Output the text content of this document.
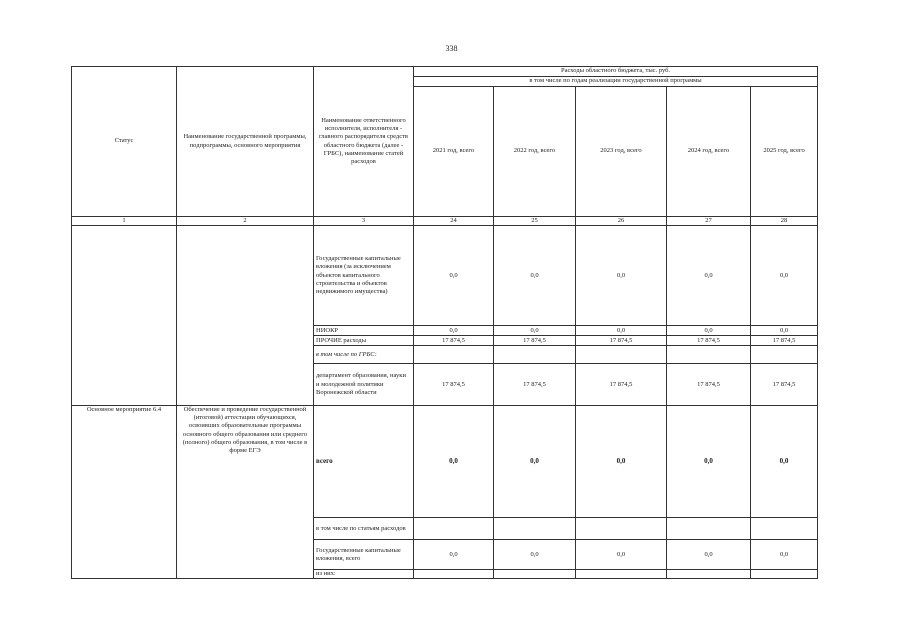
338
Статус	Наименование государственной программы, подпрограммы, основного мероприятия	Наименование ответственного исполнителя, исполнителя - главного распорядителя средств областного бюджета (далее - ГРБС), наименование статей расходов	Расходы областного бюджета, тыс. руб.				
			в том числе по годам реализации государственной программы				
			2021 год, всего	2022 год, всего	2023 год, всего	2024 год, всего	2025 год, всего
1	2	3	24	25	26	27	28
		Государственные капитальные вложения (за исключением объектов капитального строительства и объектов недвижимого имущества)	0,0	0,0	0,0	0,0	0,0
		НИОКР	0,0	0,0	0,0	0,0	0,0
		ПРОЧИЕ расходы	17 874,5	17 874,5	17 874,5	17 874,5	17 874,5
		в том числе по ГРБС:					
		департамент образования, науки и молодежной политики Воронежской области	17 874,5	17 874,5	17 874,5	17 874,5	17 874,5
Основное мероприятие 6.4	Обеспечение и проведение государственной (итоговой) аттестации обучающихся, освоивших образовательные программы основного общего образования или среднего (полного) общего образования, в том числе в форме ЕГЭ	всего	0,0	0,0	0,0	0,0	0,0
		в том числе по статьям расходов					
		Государственные капитальные вложения, всего	0,0	0,0	0,0	0,0	0,0
		из них:					
